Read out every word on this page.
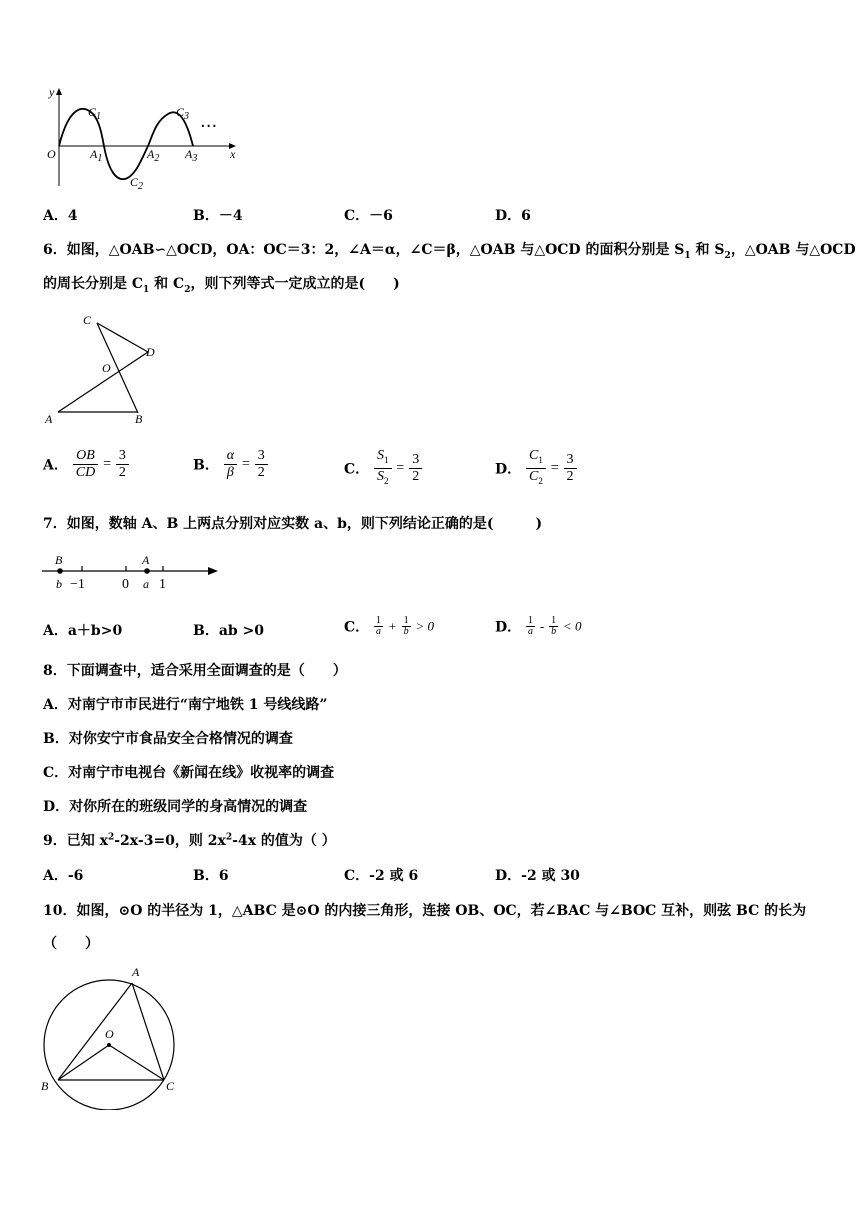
y
x
O
$C_1$
$C_2$
$C_3$
$A_1$	$A_2$ $A_3$
···
A．4	B．－4	C．－6	D．6
6．如图，△OAB∽△OCD，OA：OC＝3：2，∠A＝α，∠C＝β，△OAB 与△OCD 的面积分别是 $S_1$ 和 $S_2$，△OAB 与△OCD
的周长分别是 $C_1$ 和 $C_2$，则下列等式一定成立的是(　　)
C
D
O
A	B
A． $\frac{OB}{CD} = \frac{3}{2}$	B． $\frac{\alpha}{\beta} = \frac{3}{2}$	C． $\frac{S_1}{S_2} = \frac{3}{2}$	D． $\frac{C_1}{C_2} = \frac{3}{2}$
7．如图，数轴 A、B 上两点分别对应实数 a、b，则下列结论正确的是(　　　)
B	A
b −1	0 a 1
A．a＋b>0	B．ab >0	C． $\frac{1}{a} + \frac{1}{b} > 0$	D． $\frac{1}{a} - \frac{1}{b} < 0$
8．下面调查中，适合采用全面调查的是（　　）
A．对南宁市市民进行“南宁地铁 1 号线线路”
B．对你安宁市食品安全合格情况的调查
C．对南宁市电视台《新闻在线》收视率的调查
D．对你所在的班级同学的身高情况的调查
9．已知 $x^2-2x-3=0$，则 $2x^2-4x$ 的值为（ ）
A．-6	B．6	C．-2 或 6	D．-2 或 30
10．如图，⊙O 的半径为 1，△ABC 是⊙O 的内接三角形，连接 OB、OC，若∠BAC 与∠BOC 互补，则弦 BC 的长为
（　　）
A
O
B	C
